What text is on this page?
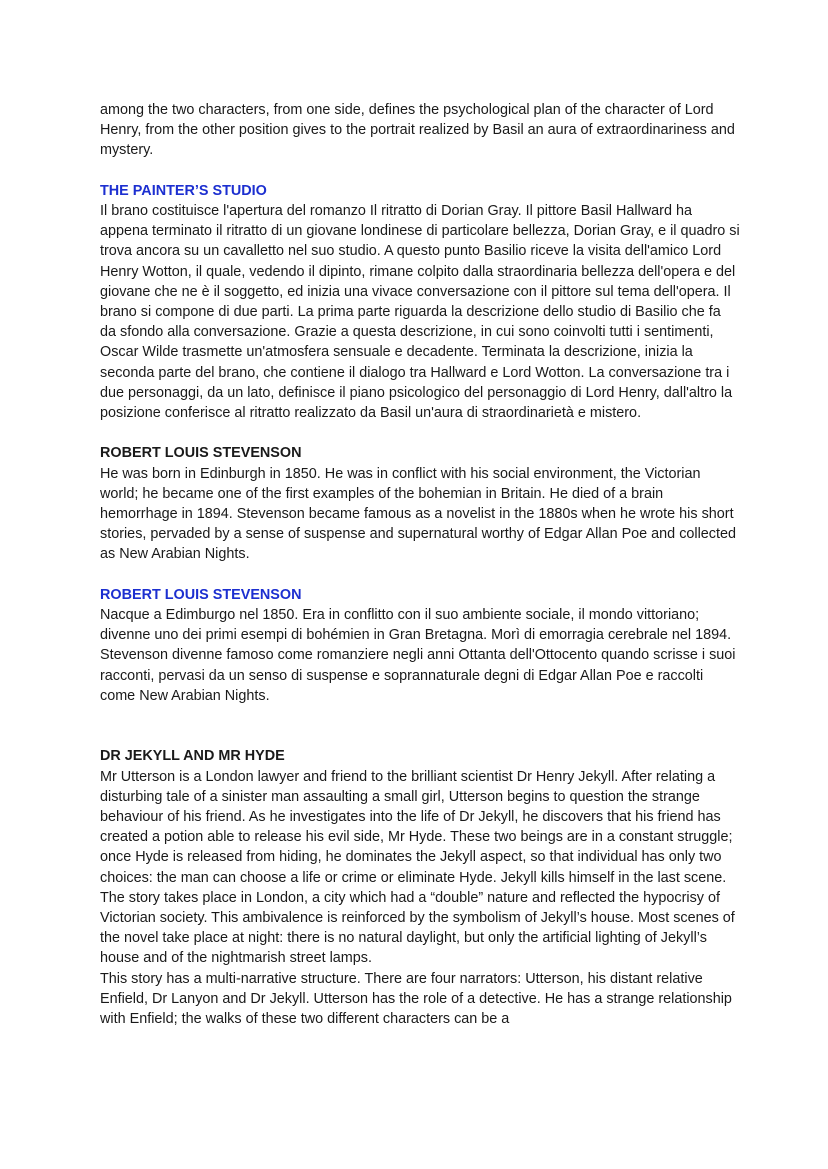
among the two characters, from one side, defines the psychological plan of the character of Lord Henry, from the other position gives to the portrait realized by Basil an aura of extraordinariness and mystery.

THE PAINTER’S STUDIO

Il brano costituisce l'apertura del romanzo Il ritratto di Dorian Gray. Il pittore Basil Hallward ha appena terminato il ritratto di un giovane londinese di particolare bellezza, Dorian Gray, e il quadro si trova ancora su un cavalletto nel suo studio. A questo punto Basilio riceve la visita dell'amico Lord Henry Wotton, il quale, vedendo il dipinto, rimane colpito dalla straordinaria bellezza dell'opera e del giovane che ne è il soggetto, ed inizia una vivace conversazione con il pittore sul tema dell'opera. Il brano si compone di due parti. La prima parte riguarda la descrizione dello studio di Basilio che fa da sfondo alla conversazione. Grazie a questa descrizione, in cui sono coinvolti tutti i sentimenti, Oscar Wilde trasmette un'atmosfera sensuale e decadente. Terminata la descrizione, inizia la seconda parte del brano, che contiene il dialogo tra Hallward e Lord Wotton. La conversazione tra i due personaggi, da un lato, definisce il piano psicologico del personaggio di Lord Henry, dall'altro la posizione conferisce al ritratto realizzato da Basil un'aura di straordinarietà e mistero.

ROBERT LOUIS STEVENSON

He was born in Edinburgh in 1850. He was in conflict with his social environment, the Victorian world; he became one of the first examples of the bohemian in Britain. He died of a brain hemorrhage in 1894. Stevenson became famous as a novelist in the 1880s when he wrote his short stories, pervaded by a sense of suspense and supernatural worthy of Edgar Allan Poe and collected as New Arabian Nights.

ROBERT LOUIS STEVENSON

Nacque a Edimburgo nel 1850. Era in conflitto con il suo ambiente sociale, il mondo vittoriano; divenne uno dei primi esempi di bohémien in Gran Bretagna. Morì di emorragia cerebrale nel 1894. Stevenson divenne famoso come romanziere negli anni Ottanta dell'Ottocento quando scrisse i suoi racconti, pervasi da un senso di suspense e soprannaturale degni di Edgar Allan Poe e raccolti come New Arabian Nights.

DR JEKYLL AND MR HYDE

Mr Utterson is a London lawyer and friend to the brilliant scientist Dr Henry Jekyll. After relating a disturbing tale of a sinister man assaulting a small girl, Utterson begins to question the strange behaviour of his friend. As he investigates into the life of Dr Jekyll, he discovers that his friend has created a potion able to release his evil side, Mr Hyde. These two beings are in a constant struggle; once Hyde is released from hiding, he dominates the Jekyll aspect, so that individual has only two choices: the man can choose a life or crime or eliminate Hyde. Jekyll kills himself in the last scene.

The story takes place in London, a city which had a “double” nature and reflected the hypocrisy of Victorian society. This ambivalence is reinforced by the symbolism of Jekyll’s house. Most scenes of the novel take place at night: there is no natural daylight, but only the artificial lighting of Jekyll’s house and of the nightmarish street lamps.

This story has a multi-narrative structure. There are four narrators: Utterson, his distant relative Enfield, Dr Lanyon and Dr Jekyll. Utterson has the role of a detective. He has a strange relationship with Enfield; the walks of these two different characters can be a
